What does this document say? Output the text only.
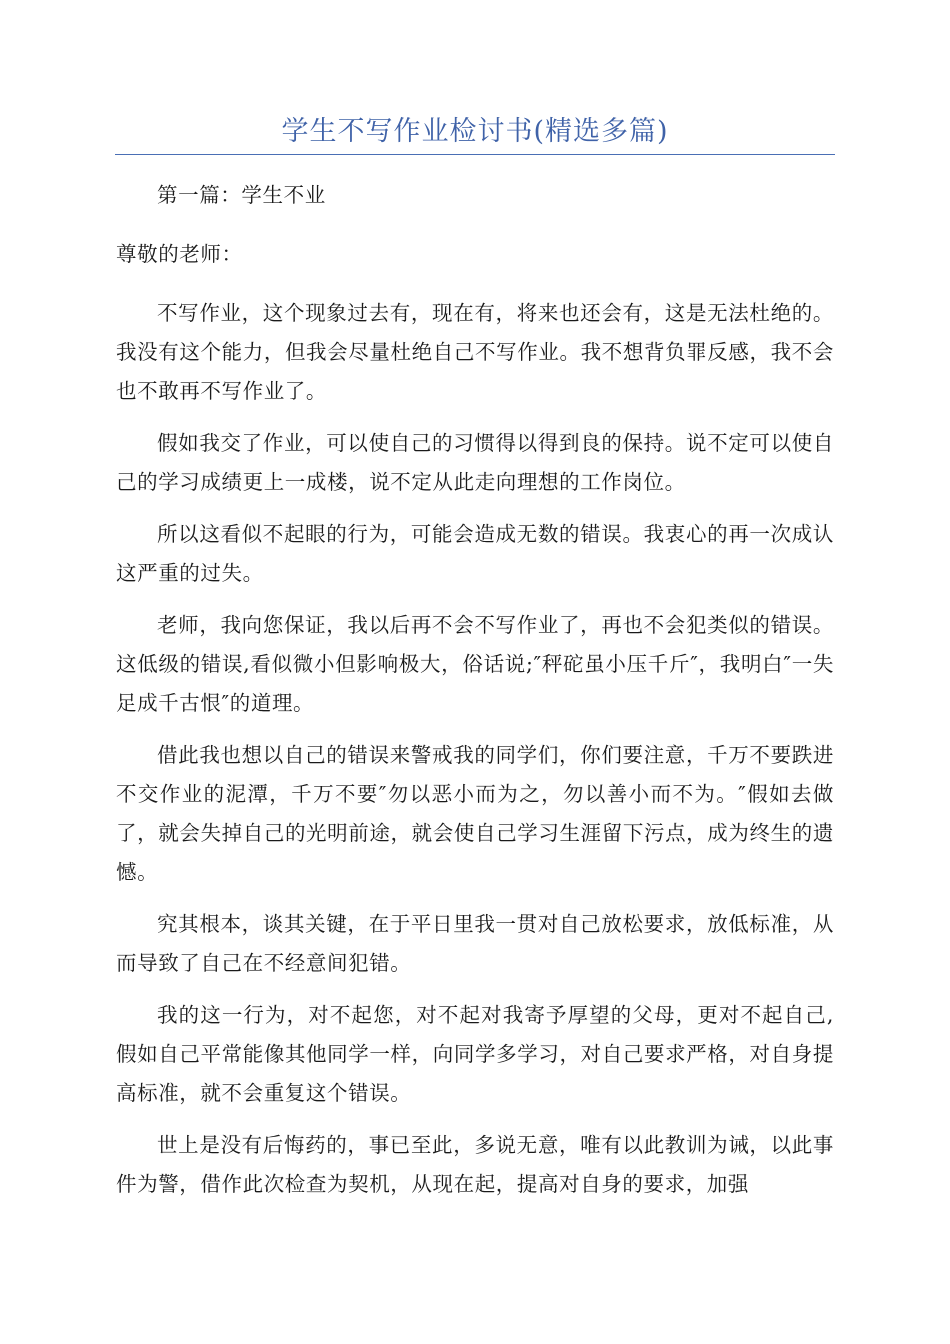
学生不写作业检讨书(精选多篇)

第一篇：学生不业

尊敬的老师：

不写作业，这个现象过去有，现在有，将来也还会有，这是无法杜绝的。我没有这个能力，但我会尽量杜绝自己不写作业。我不想背负罪反感，我不会也不敢再不写作业了。

假如我交了作业，可以使自己的习惯得以得到良的保持。说不定可以使自己的学习成绩更上一成楼，说不定从此走向理想的工作岗位。

所以这看似不起眼的行为，可能会造成无数的错误。我衷心的再一次成认这严重的过失。

老师，我向您保证，我以后再不会不写作业了，再也不会犯类似的错误。这低级的错误,看似微小但影响极大，俗话说;″秤砣虽小压千斤″，我明白″一失足成千古恨″的道理。

借此我也想以自己的错误来警戒我的同学们，你们要注意，千万不要跌进不交作业的泥潭，千万不要″勿以恶小而为之，勿以善小而不为。″假如去做了，就会失掉自己的光明前途，就会使自己学习生涯留下污点，成为终生的遗憾。

究其根本，谈其关键，在于平日里我一贯对自己放松要求，放低标准，从而导致了自己在不经意间犯错。

我的这一行为，对不起您，对不起对我寄予厚望的父母，更对不起自己,假如自己平常能像其他同学一样，向同学多学习，对自己要求严格，对自身提高标准，就不会重复这个错误。

世上是没有后悔药的，事已至此，多说无意，唯有以此教训为诫，以此事件为警，借作此次检查为契机，从现在起，提高对自身的要求，加强
